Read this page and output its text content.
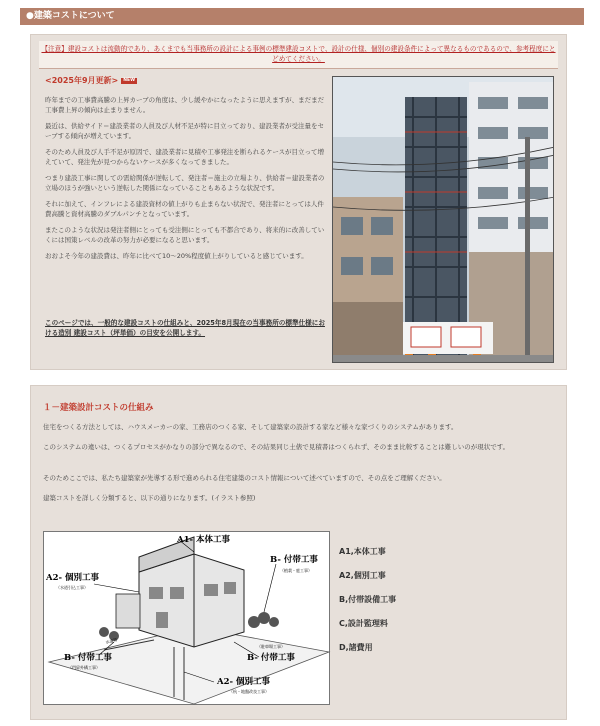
●建築コストについて
【注意】建設コストは流動的であり、あくまでも当事務所の設計による事例の標準建設コストで、設計の仕様、個別の建設条件によって異なるものであるので、参考程度にとどめてください。
<2025年9月更新> NEW

昨年までの工事費高騰の上昇カーブの角度は、少し緩やかになったように思えますが、まだまだ工事費上昇の傾向は止まりません。

最近は、供給サイド＝建設業者の人員及び人材不足が特に目立っており、建設業者が受注量をセーブする傾向が増えています。

そのため人員及び人手不足が原因で、建設業者に見積や工事発注を断られるケースが目立って増えていて、発注先が見つからないケースが多くなってきました。

つまり建設工事に関しての需給関係が逆転して、発注者＝施主の立場より、供給者＝建設業者の立場のほうが強いという逆転した関係になっていることもあるような状況です。

それに加えて、インフレによる建設資材の値上がりも止まらない状況で、発注者にとっては人件費高騰と資材高騰のダブルパンチとなっています。

またこのような状況は発注者側にとっても受注側にとっても不都合であり、将来的に改善していくには国策レベルの改革の努力が必要になると思います。

おおよそ今年の建設費は、昨年に比べて10〜20%程度値上がりしていると感じています。

このページでは、一般的な建設コストの仕組みと、2025年8月現在の当事務所の標準仕様における造別 建設コスト（坪単価）の目安を公開します。
１－建築設計コストの仕組み
住宅をつくる方法としては、ハウスメーカーの家、工務店のつくる家、そして建築家の設計する家など様々な家づくりのシステムがあります。
このシステムの違いは、つくるプロセスがかなりの部分で異なるので、その結果同じ土俵で見積書はつくられず、そのまま比較することは難しいのが現状です。
そのためここでは、私たち建築家が先導する形で進められる住宅建築のコスト情報について述べていますので、その点をご理解ください。
建築コストを詳しく分類すると、以下の通りになります。(イラスト参照)
A1- 本体工事
A2- 個別工事
（水道引込工事）
B- 付帯工事
（植栽・庭工事）
B- 付帯工事
（門扉外構工事）
（駐車場工事）
B- 付帯工事
A2- 個別工事
（杭・地盤改良工事）
水道管
A1,本体工事
A2,個別工事
B,付帯設備工事
C,設計監理料
D,諸費用
